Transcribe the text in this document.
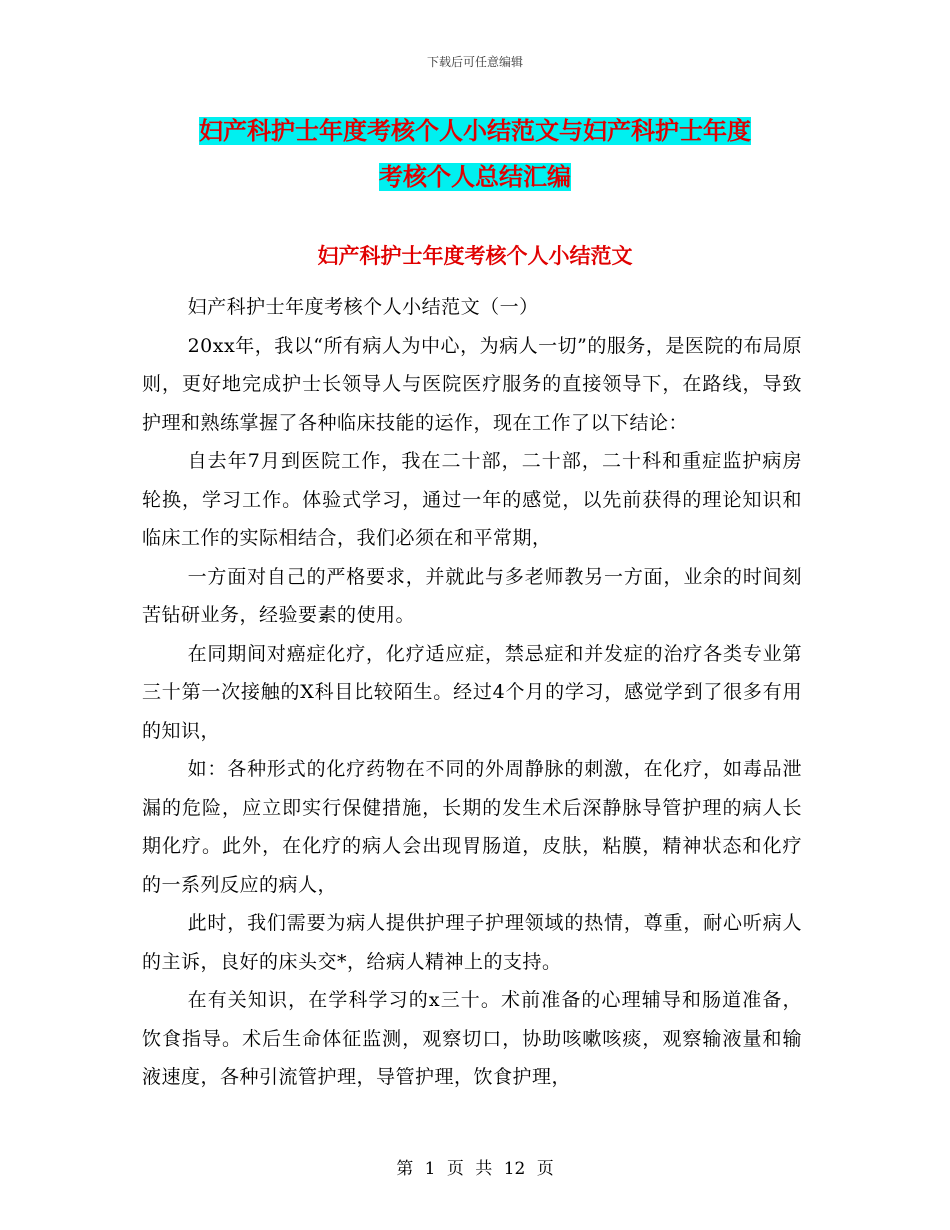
下载后可任意编辑
妇产科护士年度考核个人小结范文与妇产科护士年度
考核个人总结汇编
妇产科护士年度考核个人小结范文

妇产科护士年度考核个人小结范文（一）

20xx年，我以“所有病人为中心，为病人一切”的服务，是医院的布局原则，更好地完成护士长领导人与医院医疗服务的直接领导下，在路线，导致护理和熟练掌握了各种临床技能的运作，现在工作了以下结论：

自去年7月到医院工作，我在二十部，二十部，二十科和重症监护病房轮换，学习工作。体验式学习，通过一年的感觉，以先前获得的理论知识和临床工作的实际相结合，我们必须在和平常期，

一方面对自己的严格要求，并就此与多老师教另一方面，业余的时间刻苦钻研业务，经验要素的使用。

在同期间对癌症化疗，化疗适应症，禁忌症和并发症的治疗各类专业第三十第一次接触的X科目比较陌生。经过4个月的学习，感觉学到了很多有用的知识，

如：各种形式的化疗药物在不同的外周静脉的刺激，在化疗，如毒品泄漏的危险，应立即实行保健措施，长期的发生术后深静脉导管护理的病人长期化疗。此外，在化疗的病人会出现胃肠道，皮肤，粘膜，精神状态和化疗的一系列反应的病人，

此时，我们需要为病人提供护理子护理领域的热情，尊重，耐心听病人的主诉，良好的床头交*，给病人精神上的支持。

在有关知识，在学科学习的x三十。术前准备的心理辅导和肠道准备，饮食指导。术后生命体征监测，观察切口，协助咳嗽咳痰，观察输液量和输液速度，各种引流管护理，导管护理，饮食护理，

第 1 页 共 12 页
